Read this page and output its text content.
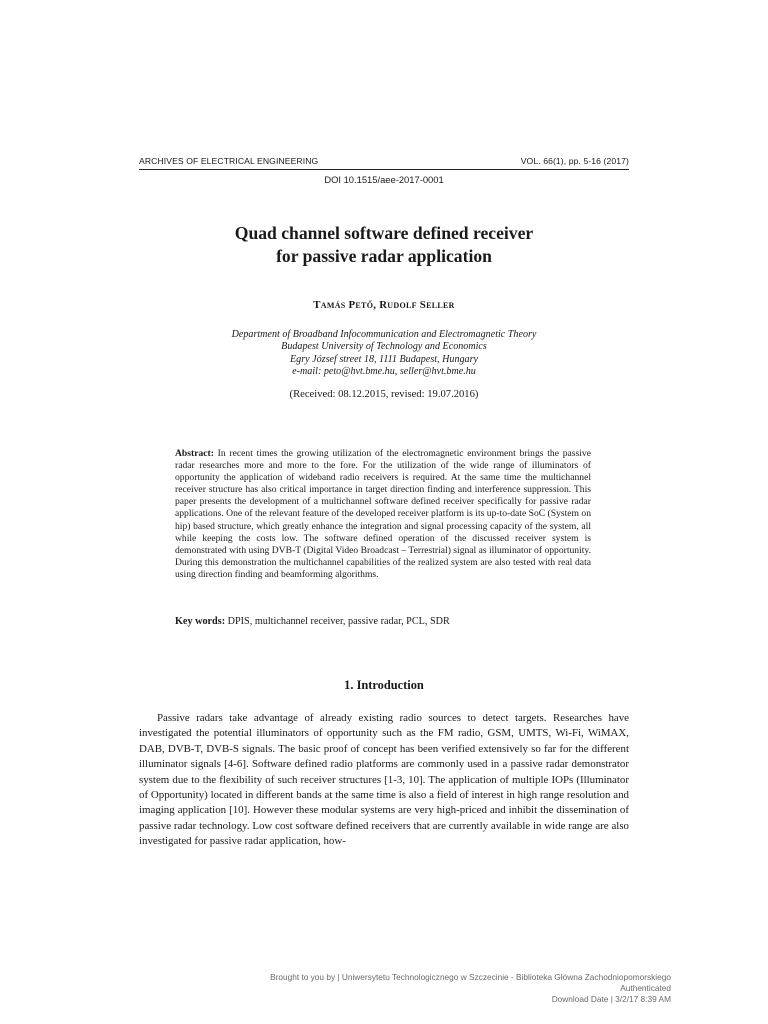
ARCHIVES OF ELECTRICAL ENGINEERING	VOL. 66(1), pp. 5-16 (2017)
DOI 10.1515/aee-2017-0001
Quad channel software defined receiver
for passive radar application
Tamás Pető, Rudolf Seller
Department of Broadband Infocommunication and Electromagnetic Theory
Budapest University of Technology and Economics
Egry József street 18, 1111 Budapest, Hungary
e-mail: peto@hvt.bme.hu, seller@hvt.bme.hu
(Received: 08.12.2015, revised: 19.07.2016)
Abstract: In recent times the growing utilization of the electromagnetic environment brings the passive radar researches more and more to the fore. For the utilization of the wide range of illuminators of opportunity the application of wideband radio receivers is required. At the same time the multichannel receiver structure has also critical importance in target direction finding and interference suppression. This paper presents the development of a multichannel software defined receiver specifically for passive radar applications. One of the relevant feature of the developed receiver platform is its up-to-date SoC (System on hip) based structure, which greatly enhance the integration and signal processing capacity of the system, all while keeping the costs low. The software defined operation of the discussed receiver system is demonstrated with using DVB-T (Digital Video Broadcast – Terrestrial) signal as illuminator of opportunity. During this demonstration the multichannel capabilities of the realized system are also tested with real data using direction finding and beamforming algorithms.
Key words: DPIS, multichannel receiver, passive radar, PCL, SDR
1. Introduction
Passive radars take advantage of already existing radio sources to detect targets. Researches have investigated the potential illuminators of opportunity such as the FM radio, GSM, UMTS, Wi-Fi, WiMAX, DAB, DVB-T, DVB-S signals. The basic proof of concept has been verified extensively so far for the different illuminator signals [4-6]. Software defined radio platforms are commonly used in a passive radar demonstrator system due to the flexibility of such receiver structures [1-3, 10]. The application of multiple IOPs (Illuminator of Opportunity) located in different bands at the same time is also a field of interest in high range resolution and imaging application [10]. However these modular systems are very high-priced and inhibit the dissemination of passive radar technology. Low cost software defined receivers that are currently available in wide range are also investigated for passive radar application, how-
Brought to you by | Uniwersytetu Technologicznego w Szczecinie - Biblioteka Główna Zachodniopomorskiego
Authenticated
Download Date | 3/2/17 8:39 AM
